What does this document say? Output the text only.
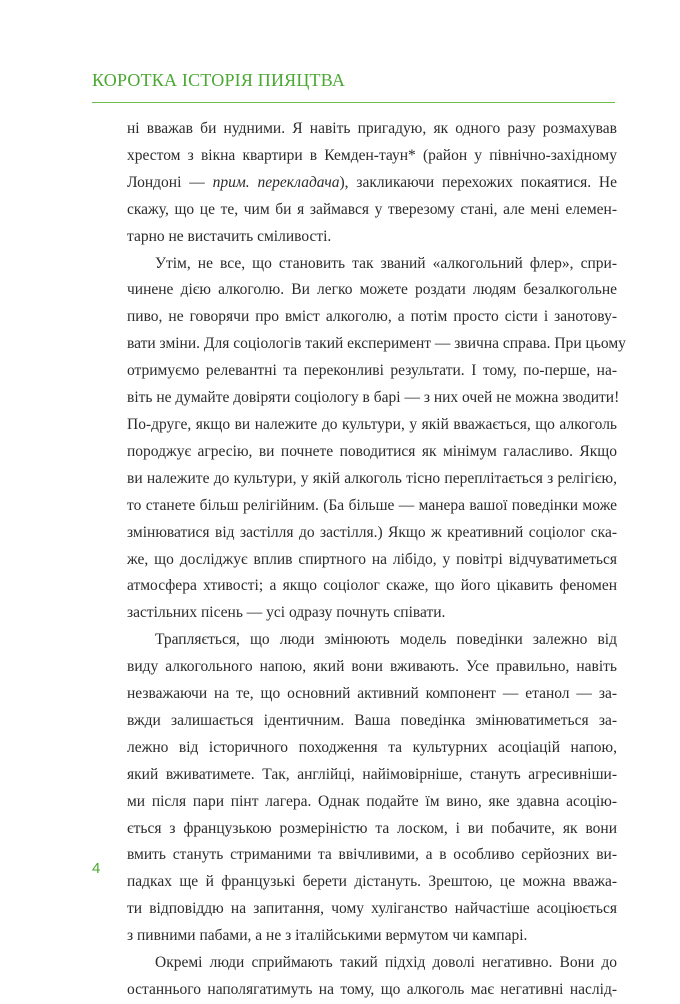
КОРОТКА ІСТОРІЯ ПИЯЦТВА
ні вважав би нудними. Я навіть пригадую, як одного разу розмахував
хрестом з вікна квартири в Кемден-таун* (район у північно-західному
Лондоні — прим. перекладача), закликаючи перехожих покаятися. Не
скажу, що це те, чим би я займався у тверезому стані, але мені елемен-
тарно не вистачить сміливості.
Утім, не все, що становить так званий «алкогольний флер», спри-
чинене дією алкоголю. Ви легко можете роздати людям безалкогольне
пиво, не говорячи про вміст алкоголю, а потім просто сісти і занотову-
вати зміни. Для соціологів такий експеримент — звична справа. При цьому
отримуємо релевантні та переконливі результати. І тому, по-перше, на-
віть не думайте довіряти соціологу в барі — з них очей не можна зводити!
По-друге, якщо ви належите до культури, у якій вважається, що алкоголь
породжує агресію, ви почнете поводитися як мінімум галасливо. Якщо
ви належите до культури, у якій алкоголь тісно переплітається з релігією,
то станете більш релігійним. (Ба більше — манера вашої поведінки може
змінюватися від застілля до застілля.) Якщо ж креативний соціолог ска-
же, що досліджує вплив спиртного на лібідо, у повітрі відчуватиметься
атмосфера хтивості; а якщо соціолог скаже, що його цікавить феномен
застільних пісень — усі одразу почнуть співати.
Трапляється, що люди змінюють модель поведінки залежно від
виду алкогольного напою, який вони вживають. Усе правильно, навіть
незважаючи на те, що основний активний компонент — етанол — за-
вжди залишається ідентичним. Ваша поведінка змінюватиметься за-
лежно від історичного походження та культурних асоціацій напою,
який вживатимете. Так, англійці, найімовірніше, стануть агресивніши-
ми після пари пінт лагера. Однак подайте їм вино, яке здавна асоцію-
ється з французькою розмеріністю та лоском, і ви побачите, як вони
вмить стануть стриманими та ввічливими, а в особливо серйозних ви-
падках ще й французькі берети дістануть. Зрештою, це можна вважа-
ти відповіддю на запитання, чому хуліганство найчастіше асоціюється
з пивними пабами, а не з італійськими вермутом чи кампарі.
Окремі люди сприймають такий підхід доволі негативно. Вони до
останнього наполягатимуть на тому, що алкоголь має негативні наслід-
4
